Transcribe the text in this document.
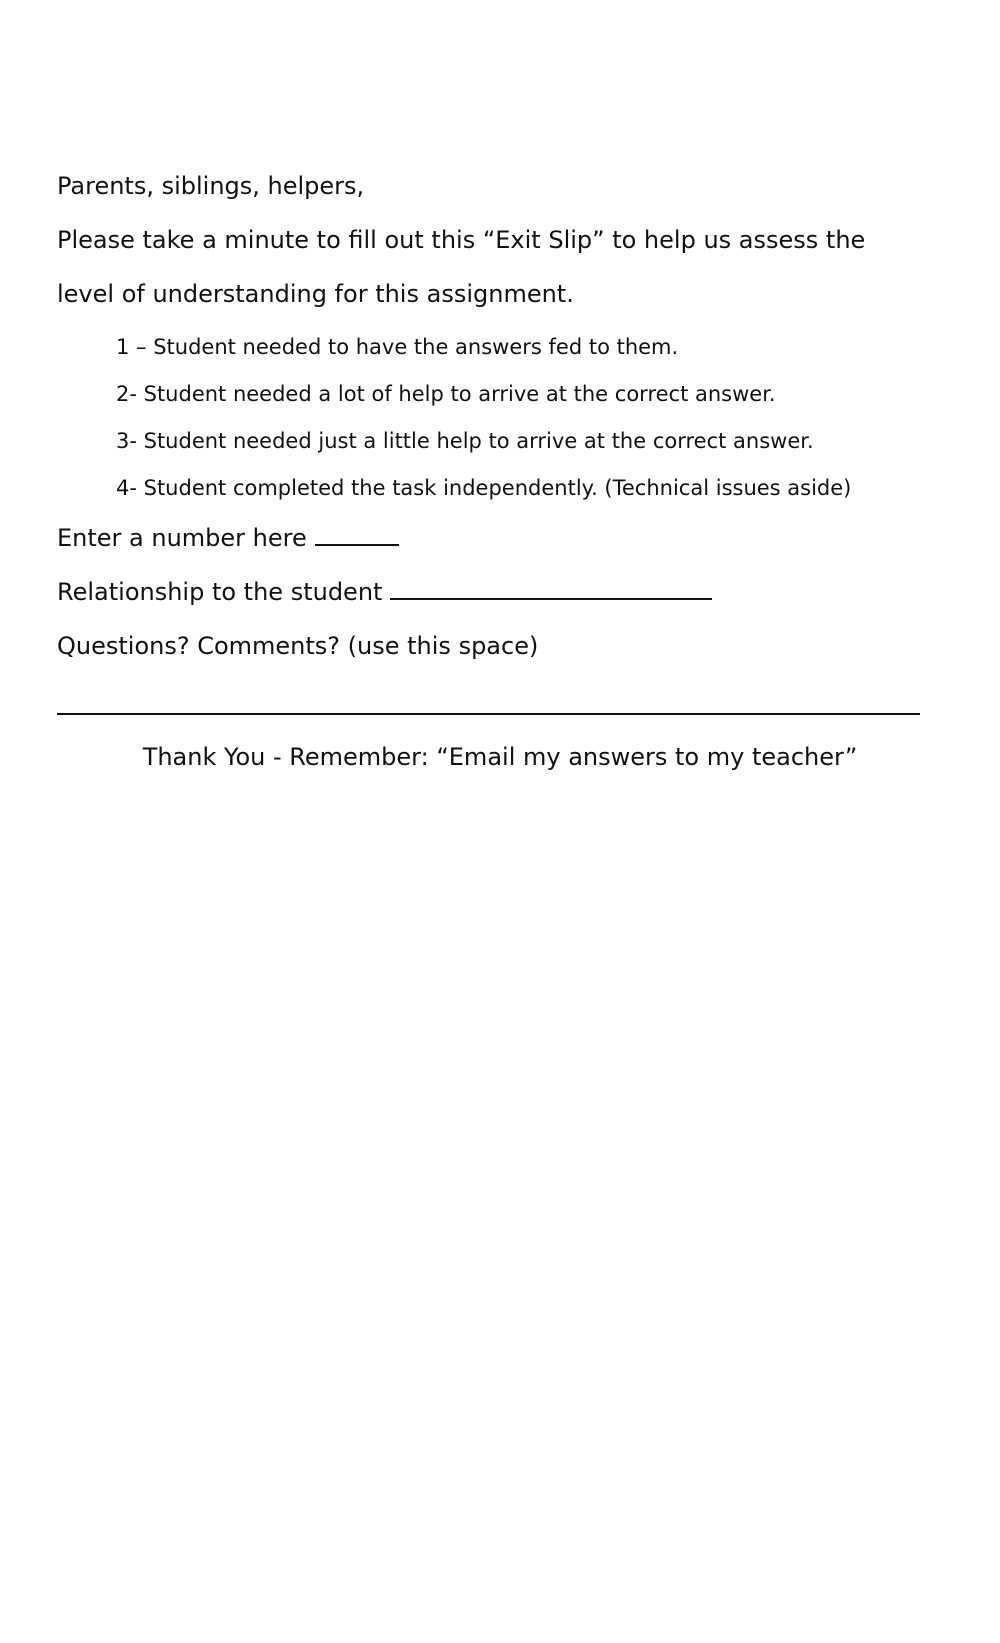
Parents, siblings, helpers,
Please take a minute to fill out this “Exit Slip” to help us assess the
level of understanding for this assignment.
1 – Student needed to have the answers fed to them.
2- Student needed a lot of help to arrive at the correct answer.
3- Student needed just a little help to arrive at the correct answer.
4- Student completed the task independently. (Technical issues aside)
Enter a number here
Relationship to the student
Questions? Comments? (use this space)
Thank You - Remember: “Email my answers to my teacher”
